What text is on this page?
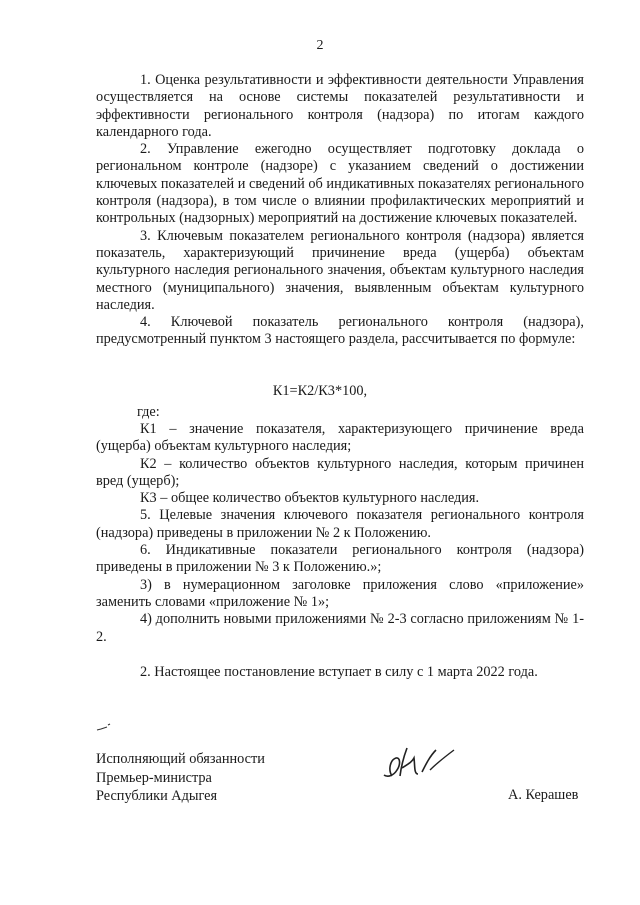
2

1. Оценка результативности и эффективности деятельности Управления осуществляется на основе системы показателей результативности и эффективности регионального контроля (надзора) по итогам каждого календарного года.

2. Управление ежегодно осуществляет подготовку доклада о региональном контроле (надзоре) с указанием сведений о достижении ключевых показателей и сведений об индикативных показателях регионального контроля (надзора), в том числе о влиянии профилактических мероприятий и контрольных (надзорных) мероприятий на достижение ключевых показателей.

3. Ключевым показателем регионального контроля (надзора) является показатель, характеризующий причинение вреда (ущерба) объектам культурного наследия регионального значения, объектам культурного наследия местного (муниципального) значения, выявленным объектам культурного наследия.

4. Ключевой показатель регионального контроля (надзора), предусмотренный пунктом 3 настоящего раздела, рассчитывается по формуле:

К1=К2/К3*100,
где:

К1 – значение показателя, характеризующего причинение вреда (ущерба) объектам культурного наследия;

К2 – количество объектов культурного наследия, которым причинен вред (ущерб);

К3 – общее количество объектов культурного наследия.

5. Целевые значения ключевого показателя регионального контроля (надзора) приведены в приложении № 2 к Положению.

6. Индикативные показатели регионального контроля (надзора) приведены в приложении № 3 к Положению.»;

3) в нумерационном заголовке приложения слово «приложение» заменить словами «приложение № 1»;

4) дополнить новыми приложениями № 2-3 согласно приложениям № 1-2.

2. Настоящее постановление вступает в силу с 1 марта 2022 года.
Исполняющий обязанности
Премьер-министра
Республики Адыгея	А. Керашев
